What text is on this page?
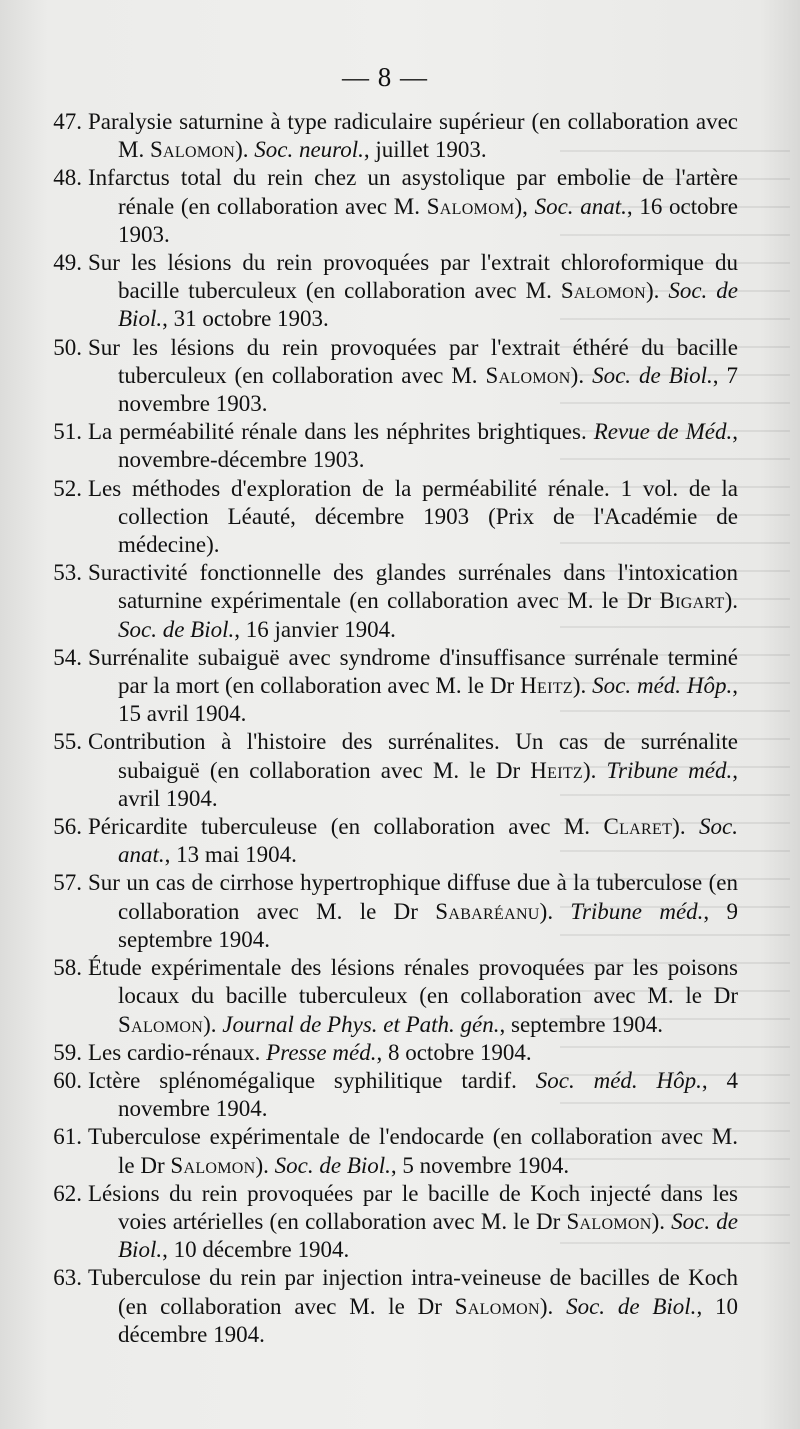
— 8 —

47. Paralysie saturnine à type radiculaire supérieur (en collaboration avec M. Salomon). Soc. neurol., juillet 1903.

48. Infarctus total du rein chez un asystolique par embolie de l'artère rénale (en collaboration avec M. Salomom), Soc. anat., 16 octobre 1903.

49. Sur les lésions du rein provoquées par l'extrait chloroformique du bacille tuberculeux (en collaboration avec M. Salomon). Soc. de Biol., 31 octobre 1903.

50. Sur les lésions du rein provoquées par l'extrait éthéré du bacille tuberculeux (en collaboration avec M. Salomon). Soc. de Biol., 7 novembre 1903.

51. La perméabilité rénale dans les néphrites brightiques. Revue de Méd., novembre-décembre 1903.

52. Les méthodes d'exploration de la perméabilité rénale. 1 vol. de la collection Léauté, décembre 1903 (Prix de l'Académie de médecine).

53. Suractivité fonctionnelle des glandes surrénales dans l'intoxication saturnine expérimentale (en collaboration avec M. le Dr Bigart). Soc. de Biol., 16 janvier 1904.

54. Surrénalite subaiguë avec syndrome d'insuffisance surrénale terminé par la mort (en collaboration avec M. le Dr Heitz). Soc. méd. Hôp., 15 avril 1904.

55. Contribution à l'histoire des surrénalites. Un cas de surrénalite subaiguë (en collaboration avec M. le Dr Heitz). Tribune méd., avril 1904.

56. Péricardite tuberculeuse (en collaboration avec M. Claret). Soc. anat., 13 mai 1904.

57. Sur un cas de cirrhose hypertrophique diffuse due à la tuberculose (en collaboration avec M. le Dr Sabaréanu). Tribune méd., 9 septembre 1904.

58. Étude expérimentale des lésions rénales provoquées par les poisons locaux du bacille tuberculeux (en collaboration avec M. le Dr Salomon). Journal de Phys. et Path. gén., septembre 1904.

59. Les cardio-rénaux. Presse méd., 8 octobre 1904.

60. Ictère splénomégalique syphilitique tardif. Soc. méd. Hôp., 4 novembre 1904.

61. Tuberculose expérimentale de l'endocarde (en collaboration avec M. le Dr Salomon). Soc. de Biol., 5 novembre 1904.

62. Lésions du rein provoquées par le bacille de Koch injecté dans les voies artérielles (en collaboration avec M. le Dr Salomon). Soc. de Biol., 10 décembre 1904.

63. Tuberculose du rein par injection intra-veineuse de bacilles de Koch (en collaboration avec M. le Dr Salomon). Soc. de Biol., 10 décembre 1904.
